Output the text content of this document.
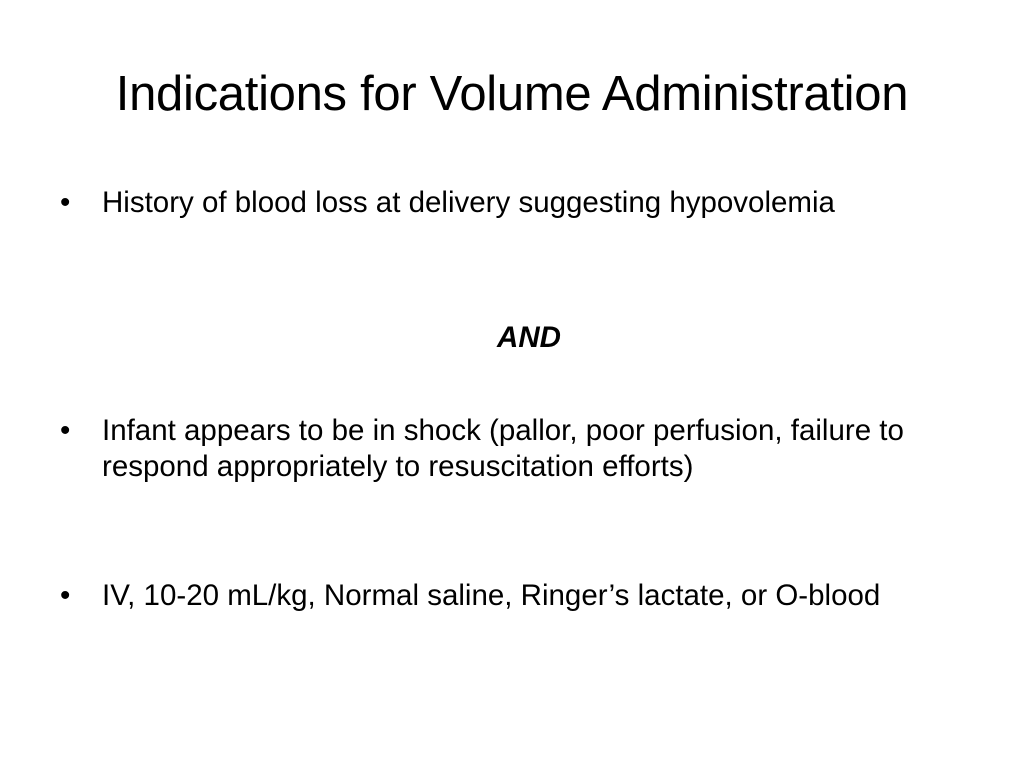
Indications for Volume Administration
•	History of blood loss at delivery suggesting hypovolemia
AND
•	Infant appears to be in shock (pallor, poor perfusion, failure to respond appropriately to resuscitation efforts)
•	IV, 10-20 mL/kg, Normal saline, Ringer’s lactate, or O-blood
